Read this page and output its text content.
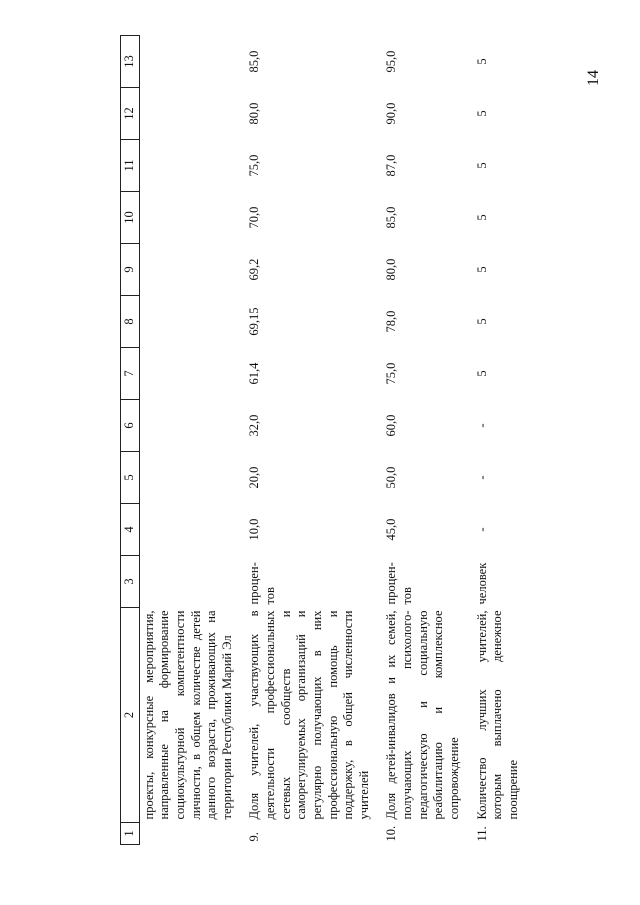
14
1	2	3	4	5	6	7	8	9	10	11	12	13
	проекты, конкурсные мероприятия, направленные на формирование социокультурной компетентности личности, в общем количестве детей данного возраста, проживающих на территории Республики Марий Эл											
9.	Доля учителей, участвующих в деятельности профессиональных сетевых сообществ и саморегулируемых организаций и регулярно получающих в них профессиональную помощь и поддержку, в общей численности учителей	процен-тов	10,0	20,0	32,0	61,4	69,15	69,2	70,0	75,0	80,0	85,0
10.	Доля детей-инвалидов и их семей, получающих психолого-педагогическую и социальную реабилитацию и комплексное сопровождение	процен-тов	45,0	50,0	60,0	75,0	78,0	80,0	85,0	87,0	90,0	95,0
11.	Количество лучших учителей, которым выплачено денежное поощрение	человек	-	-	-	5	5	5	5	5	5	5
